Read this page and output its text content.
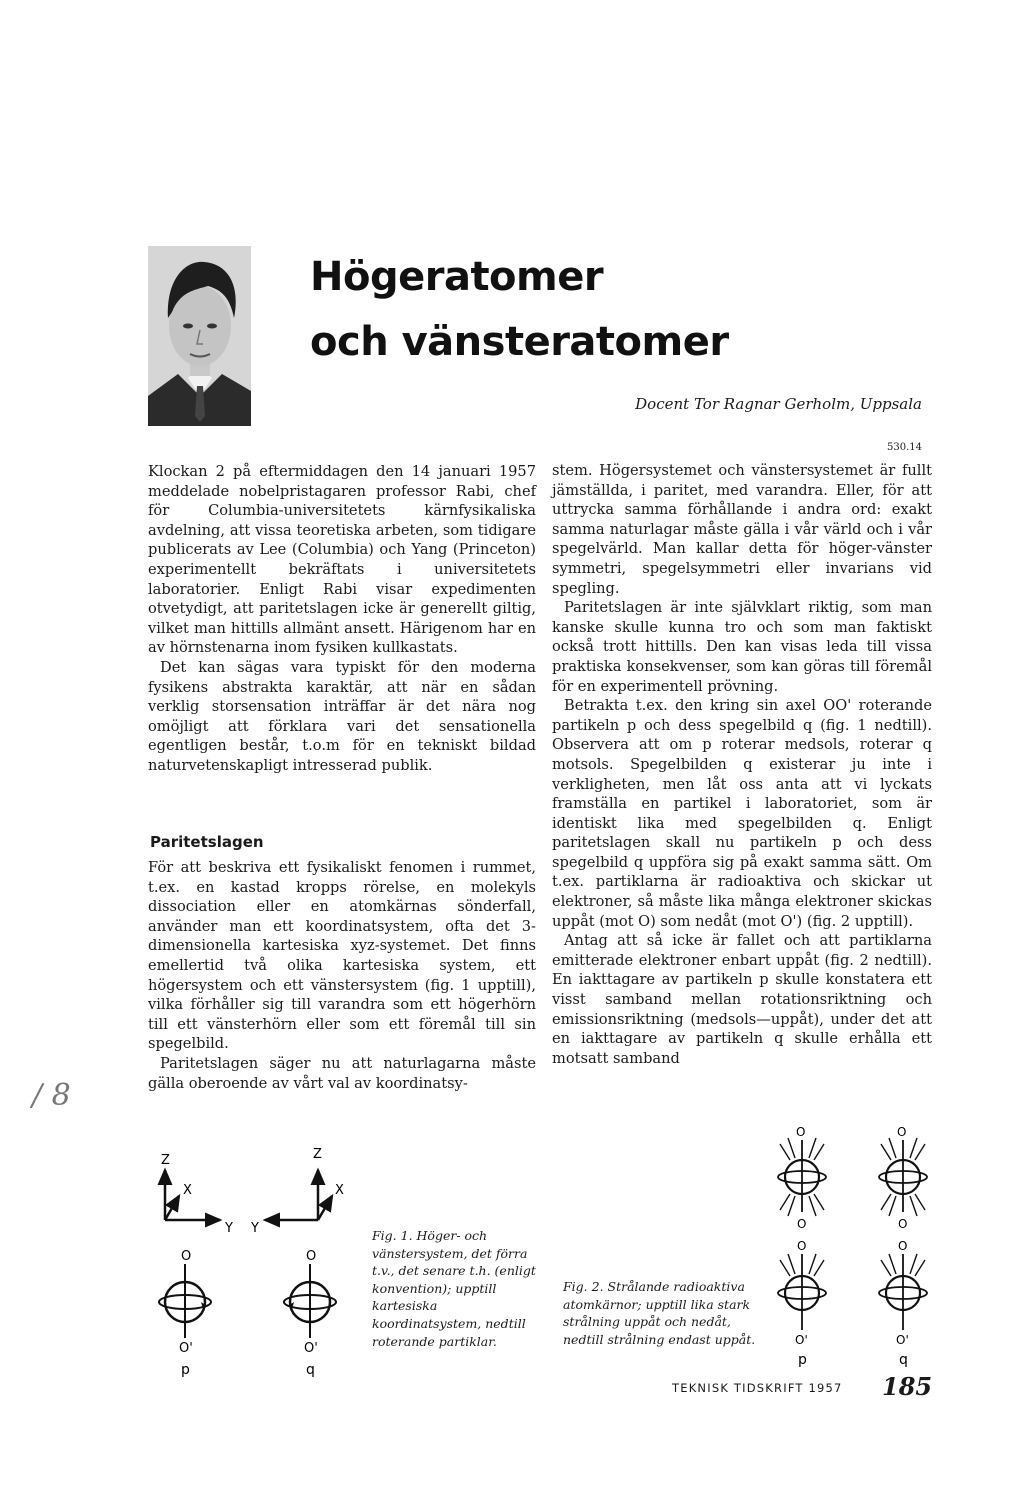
Högeratomer
och vänsteratomer
Docent Tor Ragnar Gerholm, Uppsala
530.14

Klockan 2 på eftermiddagen den 14 januari 1957 meddelade nobelpristagaren professor Rabi, chef för Columbia-universitetets kärnfysikaliska avdelning, att vissa teoretiska arbeten, som tidigare publicerats av Lee (Columbia) och Yang (Princeton) experimentellt bekräftats i universitetets laboratorier. Enligt Rabi visar expedimenten otvetydigt, att paritetslagen icke är generellt giltig, vilket man hittills allmänt ansett. Härigenom har en av hörnstenarna inom fysiken kullkastats.

Det kan sägas vara typiskt för den moderna fysikens abstrakta karaktär, att när en sådan verklig storsensation inträffar är det nära nog omöjligt att förklara vari det sensationella egentligen består, t.o.m för en tekniskt bildad naturvetenskapligt intresserad publik.

Paritetslagen

För att beskriva ett fysikaliskt fenomen i rummet, t.ex. en kastad kropps rörelse, en molekyls dissociation eller en atomkärnas sönderfall, använder man ett koordinatsystem, ofta det 3-dimensionella kartesiska xyz-systemet. Det finns emellertid två olika kartesiska system, ett högersystem och ett vänstersystem (fig. 1 upptill), vilka förhåller sig till varandra som ett högerhörn till ett vänsterhörn eller som ett föremål till sin spegelbild.

Paritetslagen säger nu att naturlagarna måste gälla oberoende av vårt val av koordinatsy-

stem. Högersystemet och vänstersystemet är fullt jämställda, i paritet, med varandra. Eller, för att uttrycka samma förhållande i andra ord: exakt samma naturlagar måste gälla i vår värld och i vår spegelvärld. Man kallar detta för höger-vänster symmetri, spegelsymmetri eller invarians vid spegling.

Paritetslagen är inte självklart riktig, som man kanske skulle kunna tro och som man faktiskt också trott hittills. Den kan visas leda till vissa praktiska konsekvenser, som kan göras till föremål för en experimentell prövning.

Betrakta t.ex. den kring sin axel OO' roterande partikeln p och dess spegelbild q (fig. 1 nedtill). Observera att om p roterar medsols, roterar q motsols. Spegelbilden q existerar ju inte i verkligheten, men låt oss anta att vi lyckats framställa en partikel i laboratoriet, som är identiskt lika med spegelbilden q. Enligt paritetslagen skall nu partikeln p och dess spegelbild q uppföra sig på exakt samma sätt. Om t.ex. partiklarna är radioaktiva och skickar ut elektroner, så måste lika många elektroner skickas uppåt (mot O) som nedåt (mot O') (fig. 2 upptill).

Antag att så icke är fallet och att partiklarna emitterade elektroner enbart uppåt (fig. 2 nedtill). En iakttagare av partikeln p skulle konstatera ett visst samband mellan rotationsriktning och emissionsriktning (medsols—uppåt), under det att en iakttagare av partikeln q skulle erhålla ett motsatt samband

/ 8
Z
X
Y
Z
X
Y
O
O'
p
O
O'
q

Fig. 1. Höger- och vänstersystem, det förra t.v., det senare t.h. (enligt konvention); upptill kartesiska koordinatsystem, nedtill roterande partiklar.

Fig. 2. Strålande radioaktiva atomkärnor; upptill lika stark strålning uppåt och nedåt, nedtill strålning endast uppåt.

O
O
O
O
O
O'
p
O
O'
q
TEKNISK TIDSKRIFT 1957 185
